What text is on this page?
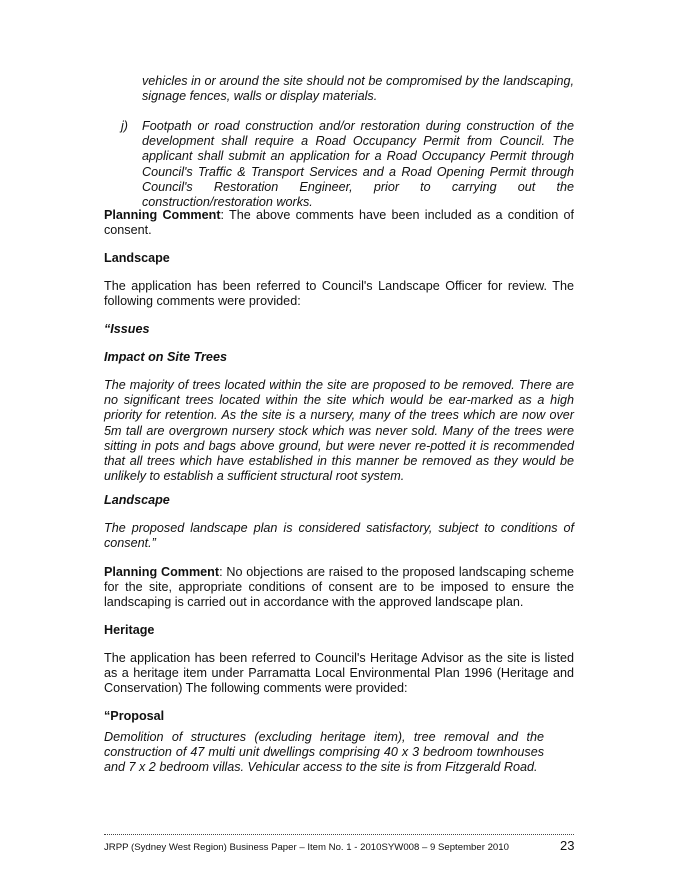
vehicles in or around the site should not be compromised by the landscaping, signage fences, walls or display materials.
j) Footpath or road construction and/or restoration during construction of the development shall require a Road Occupancy Permit from Council. The applicant shall submit an application for a Road Occupancy Permit through Council's Traffic & Transport Services and a Road Opening Permit through Council's Restoration Engineer, prior to carrying out the construction/restoration works.
Planning Comment: The above comments have been included as a condition of consent.
Landscape
The application has been referred to Council's Landscape Officer for review. The following comments were provided:
“Issues
Impact on Site Trees
The majority of trees located within the site are proposed to be removed. There are no significant trees located within the site which would be ear-marked as a high priority for retention. As the site is a nursery, many of the trees which are now over 5m tall are overgrown nursery stock which was never sold. Many of the trees were sitting in pots and bags above ground, but were never re-potted it is recommended that all trees which have established in this manner be removed as they would be unlikely to establish a sufficient structural root system.
Landscape
The proposed landscape plan is considered satisfactory, subject to conditions of consent.”
Planning Comment: No objections are raised to the proposed landscaping scheme for the site, appropriate conditions of consent are to be imposed to ensure the landscaping is carried out in accordance with the approved landscape plan.
Heritage
The application has been referred to Council's Heritage Advisor as the site is listed as a heritage item under Parramatta Local Environmental Plan 1996 (Heritage and Conservation) The following comments were provided:
“Proposal
Demolition of structures (excluding heritage item), tree removal and the construction of 47 multi unit dwellings comprising 40 x 3 bedroom townhouses and 7 x 2 bedroom villas. Vehicular access to the site is from Fitzgerald Road.
JRPP (Sydney West Region) Business Paper – Item No. 1 - 2010SYW008 – 9 September 2010	23
